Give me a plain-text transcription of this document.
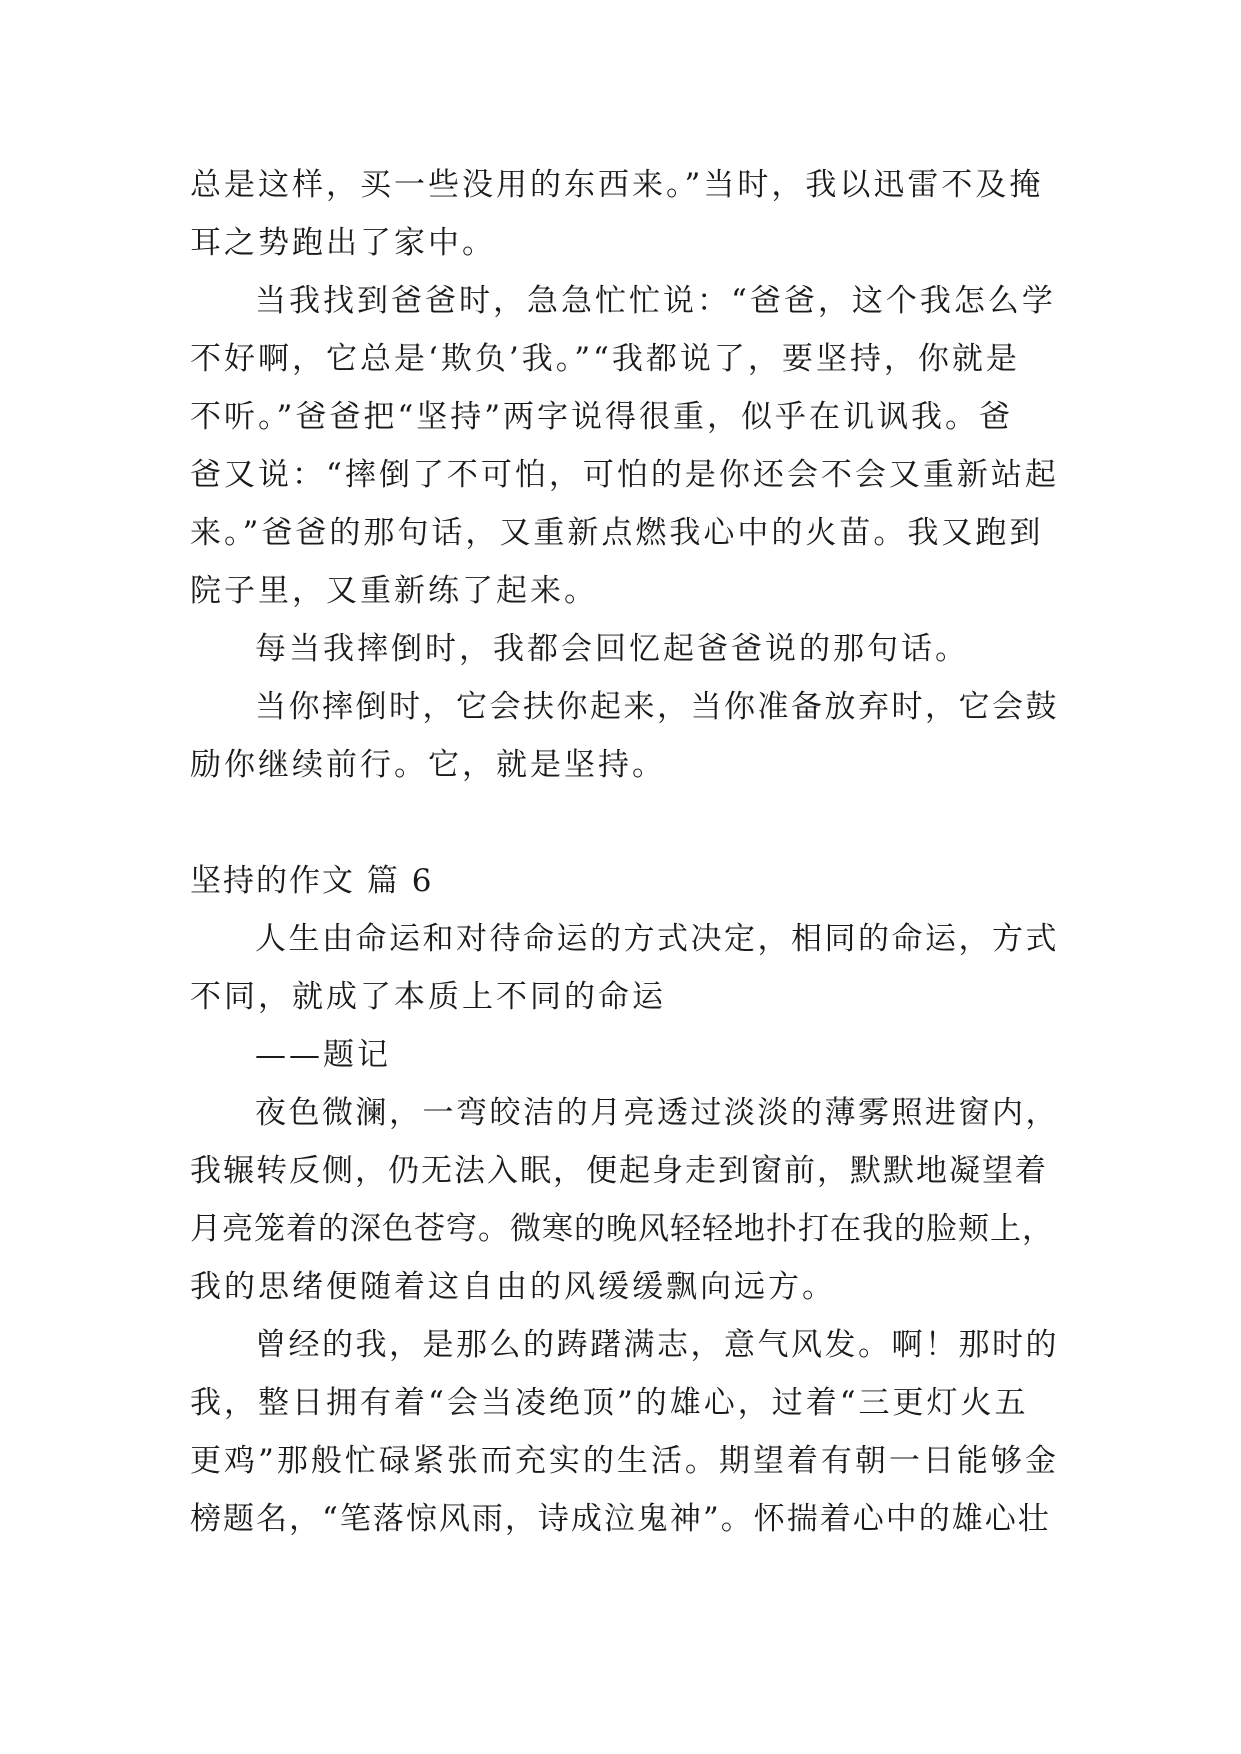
总是这样，买一些没用的东西来。”当时，我以迅雷不及掩
耳之势跑出了家中。
当我找到爸爸时，急急忙忙说：“爸爸，这个我怎么学
不好啊，它总是‘欺负’我。”“我都说了，要坚持，你就是
不听。”爸爸把“坚持”两字说得很重，似乎在讥讽我。爸
爸又说：“摔倒了不可怕，可怕的是你还会不会又重新站起
来。”爸爸的那句话，又重新点燃我心中的火苗。我又跑到
院子里，又重新练了起来。
每当我摔倒时，我都会回忆起爸爸说的那句话。
当你摔倒时，它会扶你起来，当你准备放弃时，它会鼓
励你继续前行。它，就是坚持。
坚持的作文 篇 6
人生由命运和对待命运的方式决定，相同的命运，方式
不同，就成了本质上不同的命运
——题记
夜色微澜，一弯皎洁的月亮透过淡淡的薄雾照进窗内，
我辗转反侧，仍无法入眠，便起身走到窗前，默默地凝望着
月亮笼着的深色苍穹。微寒的晚风轻轻地扑打在我的脸颊上，
我的思绪便随着这自由的风缓缓飘向远方。
曾经的我，是那么的踌躇满志，意气风发。啊！那时的
我，整日拥有着“会当凌绝顶”的雄心，过着“三更灯火五
更鸡”那般忙碌紧张而充实的生活。期望着有朝一日能够金
榜题名，“笔落惊风雨，诗成泣鬼神”。怀揣着心中的雄心壮
